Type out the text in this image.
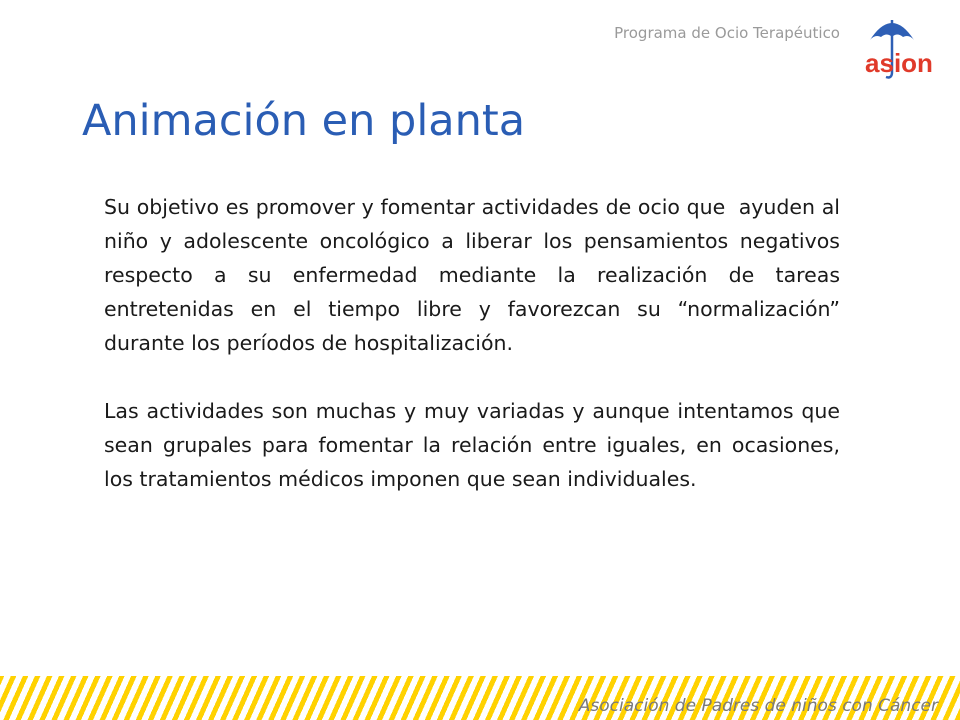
Programa de Ocio Terapéutico
asion
Animación en planta

Su objetivo es promover y fomentar actividades de ocio que  ayuden al niño y adolescente oncológico a liberar los pensamientos negativos respecto a su enfermedad mediante la realización de tareas entretenidas en el tiempo libre y favorezcan su “normalización” durante los períodos de hospitalización.

Las actividades son muchas y muy variadas y aunque intentamos que sean grupales para fomentar la relación entre iguales, en ocasiones, los tratamientos médicos imponen que sean individuales.

Asociación de Padres de niños con Cáncer
